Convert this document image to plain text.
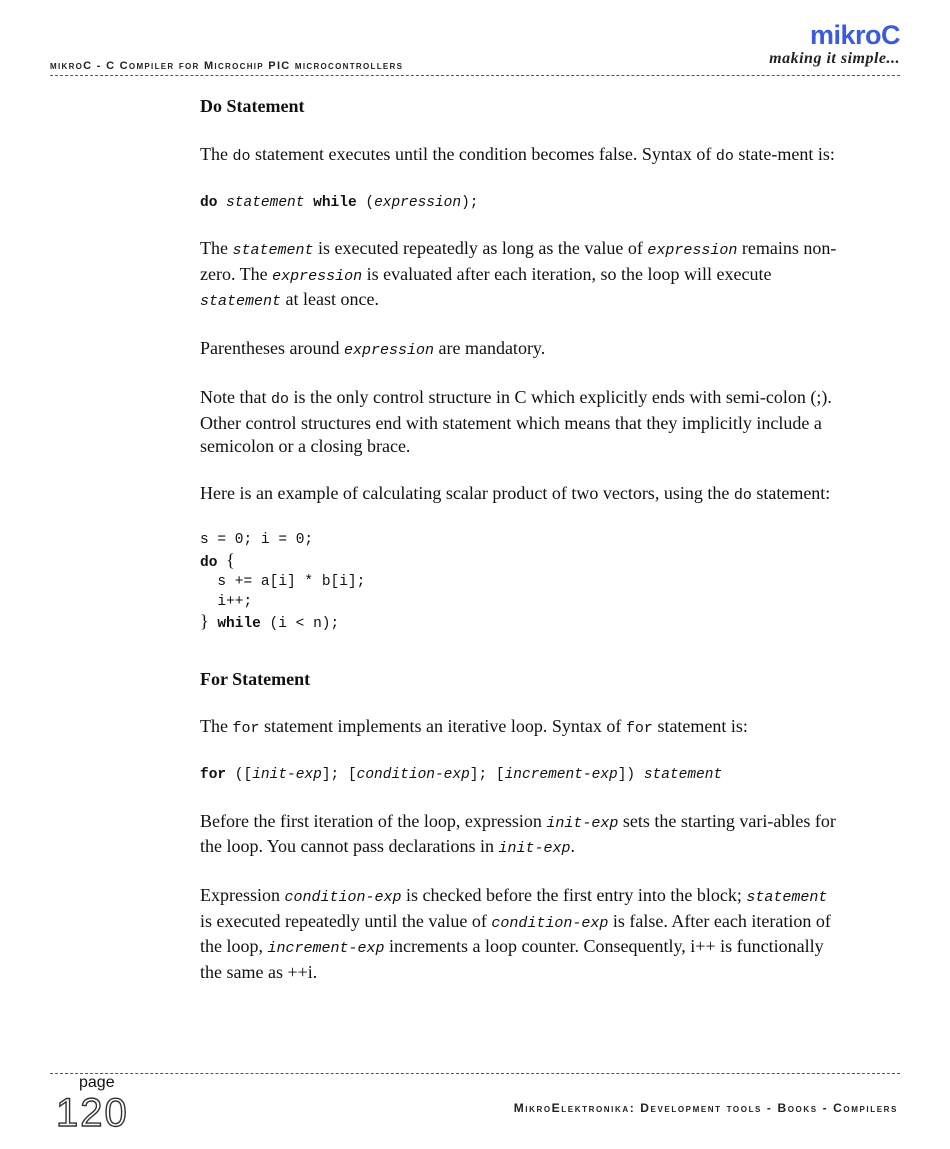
mikroC - C Compiler for Microchip PIC microcontrollers
mikroC
making it simple...
Do Statement

The do statement executes until the condition becomes false. Syntax of do state-ment is:

do statement while (expression);

The statement is executed repeatedly as long as the value of expression remains non-zero. The expression is evaluated after each iteration, so the loop will execute statement at least once.

Parentheses around expression are mandatory.

Note that do is the only control structure in C which explicitly ends with semi-colon (;). Other control structures end with statement which means that they implicitly include a semicolon or a closing brace.

Here is an example of calculating scalar product of two vectors, using the do statement:

s = 0; i = 0;
do {
s += a[i] * b[i];
i++;
} while (i < n);
For Statement

The for statement implements an iterative loop. Syntax of for statement is:

for ([init-exp]; [condition-exp]; [increment-exp]) statement

Before the first iteration of the loop, expression init-exp sets the starting vari-ables for the loop. You cannot pass declarations in init-exp.

Expression condition-exp is checked before the first entry into the block; statement is executed repeatedly until the value of condition-exp is false. After each iteration of the loop, increment-exp increments a loop counter. Consequently, i++ is functionally the same as ++i.

page
120	MikroElektronika: Development tools - Books - Compilers
